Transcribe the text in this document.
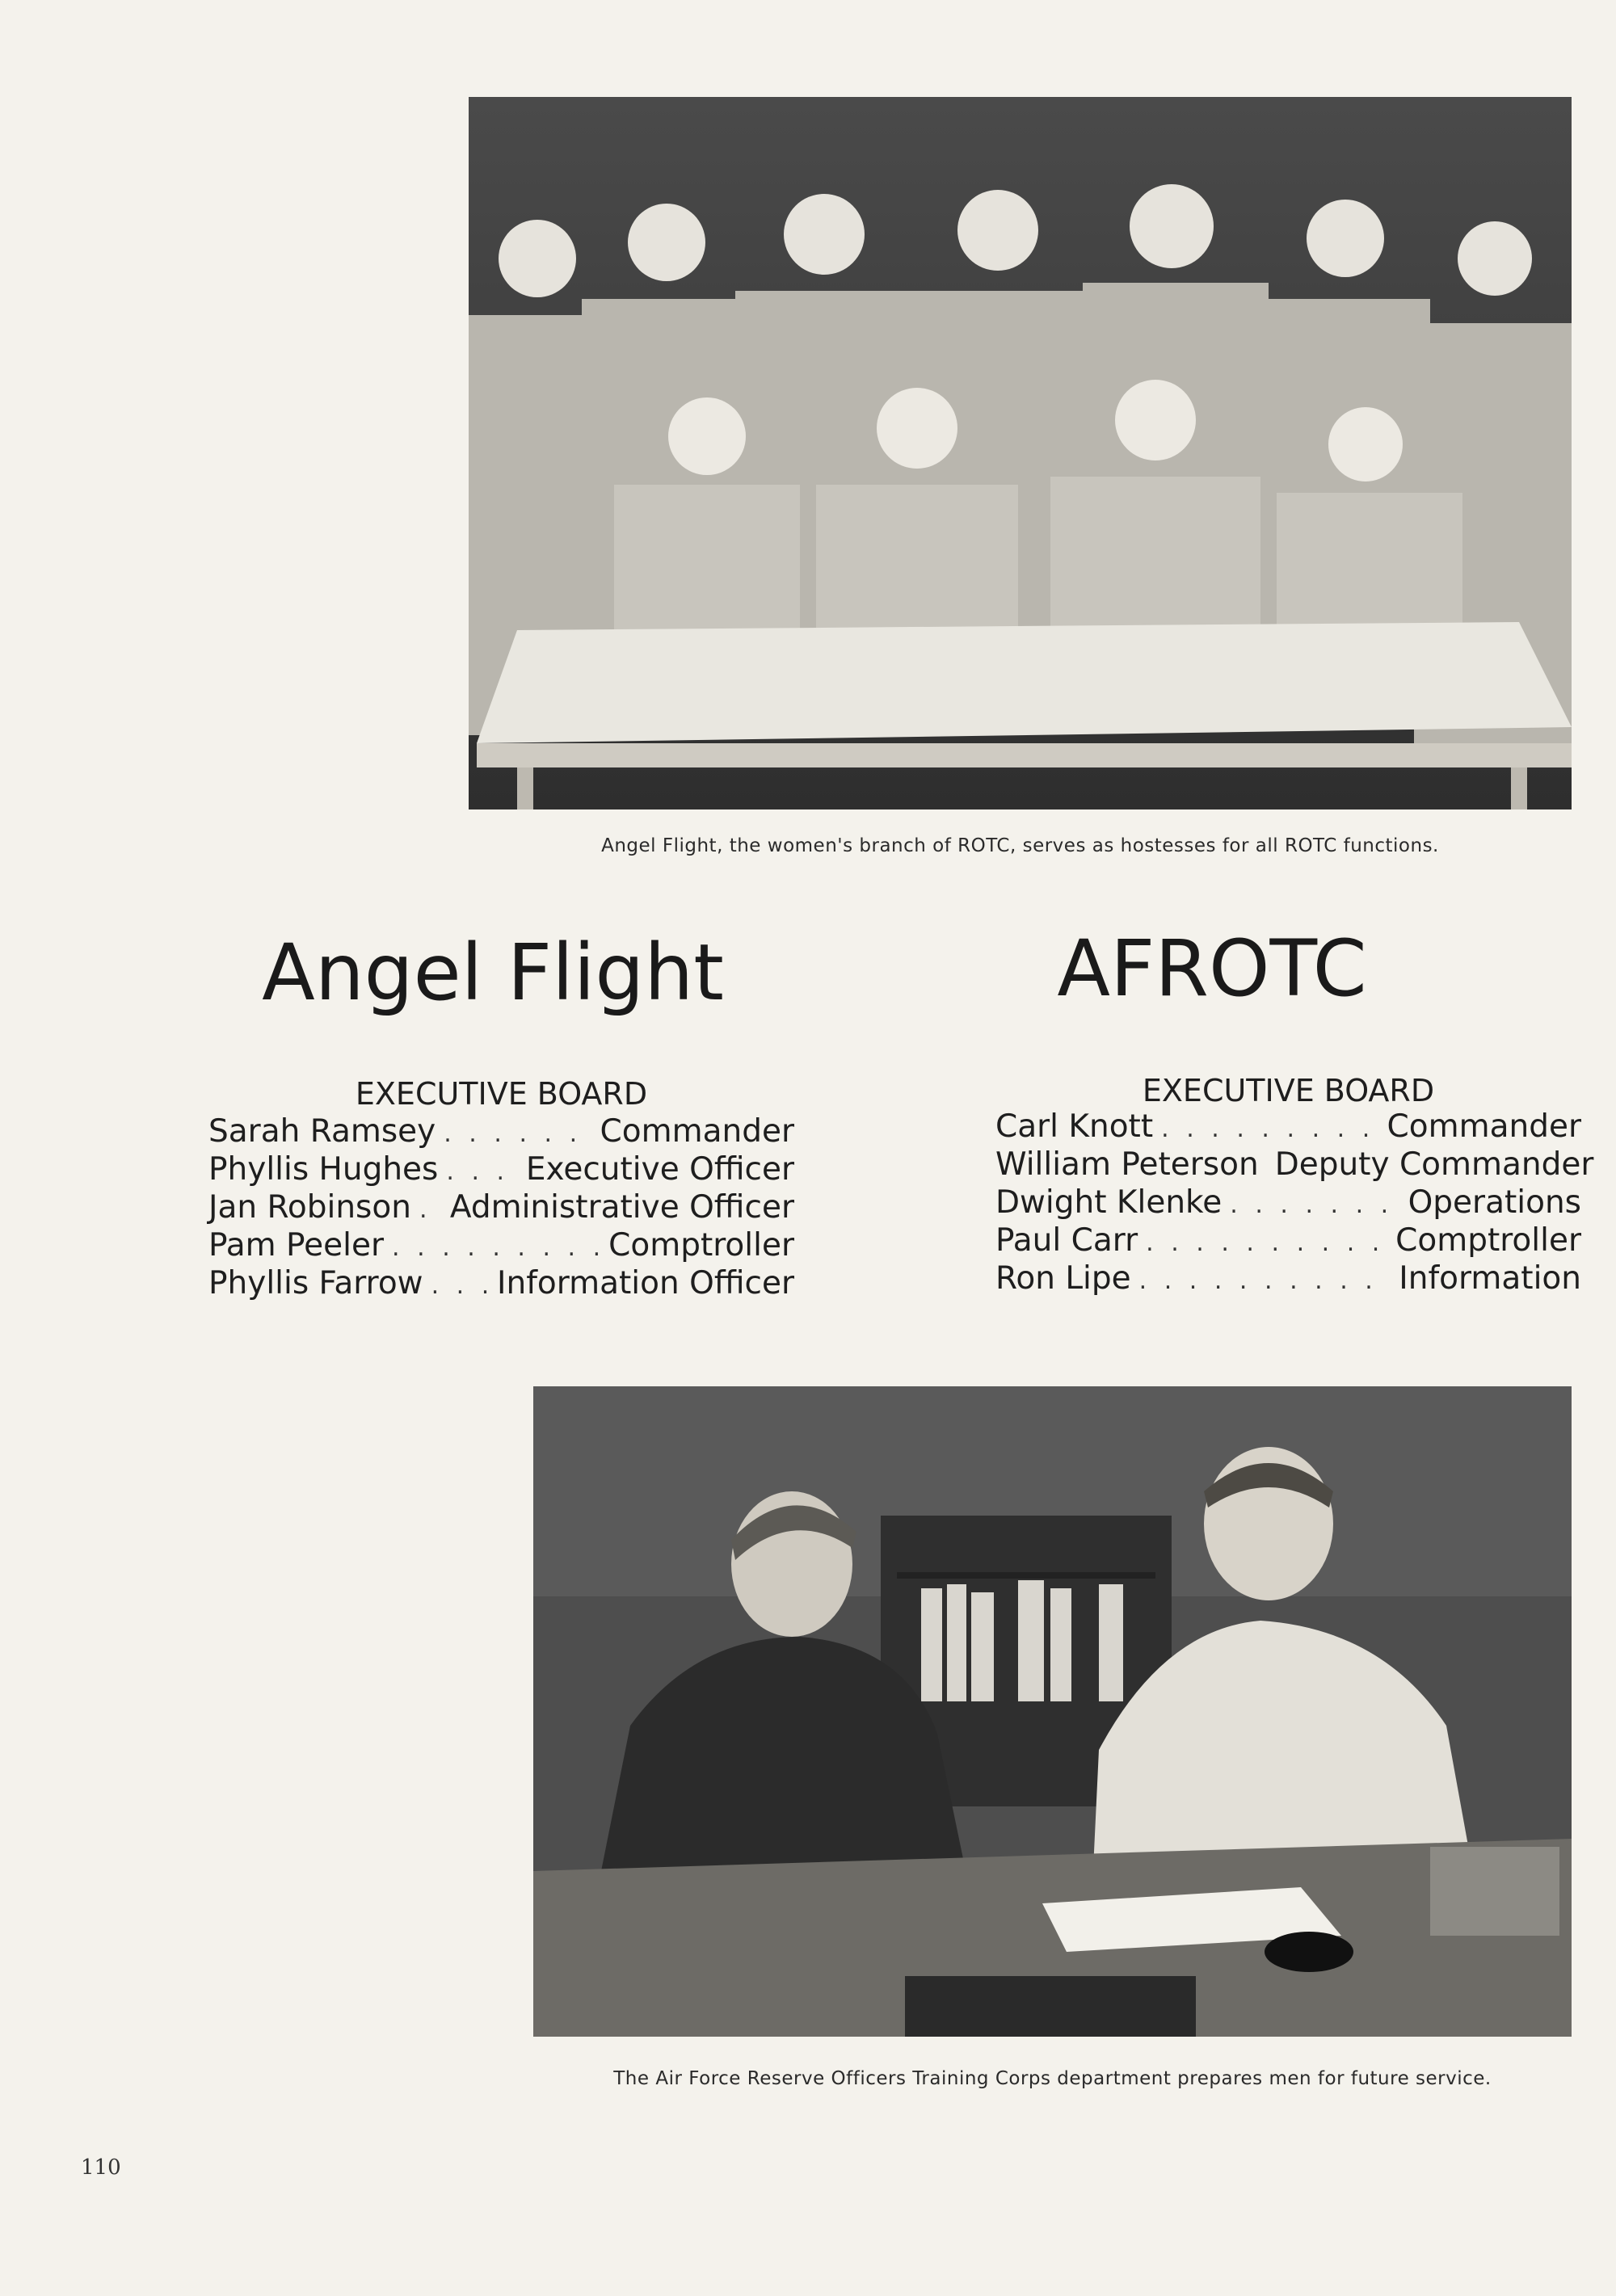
Angel Flight, the women's branch of ROTC, serves as hostesses for all ROTC functions.
Angel Flight
EXECUTIVE BOARD
Sarah Ramsey . . .	Commander
Phyllis Hughes . . .	Executive Officer
Jan Robinson . . . Administrative Officer
Pam Peeler . . .	Comptroller
Phyllis Farrow . . . Information Officer
AFROTC
EXECUTIVE BOARD
Carl Knott . . .	Commander
William Peterson Deputy Commander
Dwight Klenke . . .	Operations
Paul Carr . . .	Comptroller
Ron Lipe . . .	Information
The Air Force Reserve Officers Training Corps department prepares men for future service.
110
